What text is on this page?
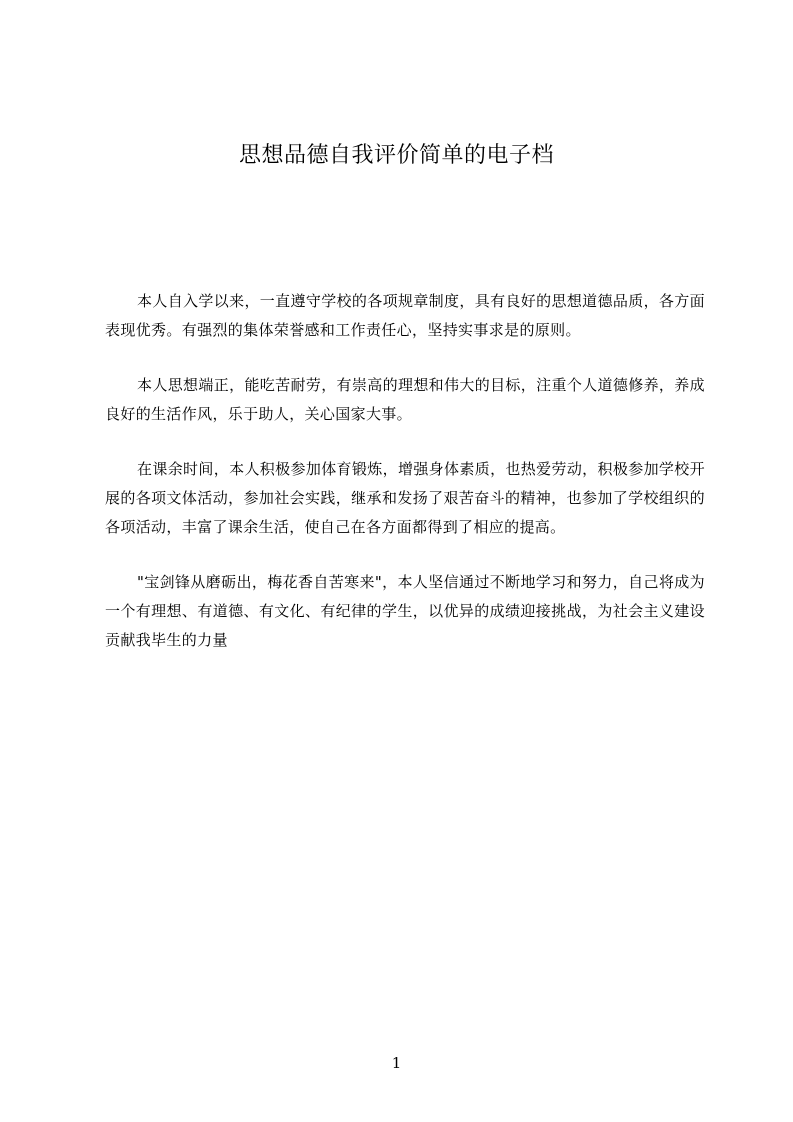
思想品德自我评价简单的电子档

本人自入学以来，一直遵守学校的各项规章制度，具有良好的思想道德品质，各方面表现优秀。有强烈的集体荣誉感和工作责任心，坚持实事求是的原则。

本人思想端正，能吃苦耐劳，有崇高的理想和伟大的目标，注重个人道德修养，养成良好的生活作风，乐于助人，关心国家大事。

在课余时间，本人积极参加体育锻炼，增强身体素质，也热爱劳动，积极参加学校开展的各项文体活动，参加社会实践，继承和发扬了艰苦奋斗的精神，也参加了学校组织的各项活动，丰富了课余生活，使自己在各方面都得到了相应的提高。

"宝剑锋从磨砺出，梅花香自苦寒来"，本人坚信通过不断地学习和努力，自己将成为一个有理想、有道德、有文化、有纪律的学生，以优异的成绩迎接挑战，为社会主义建设贡献我毕生的力量

1
